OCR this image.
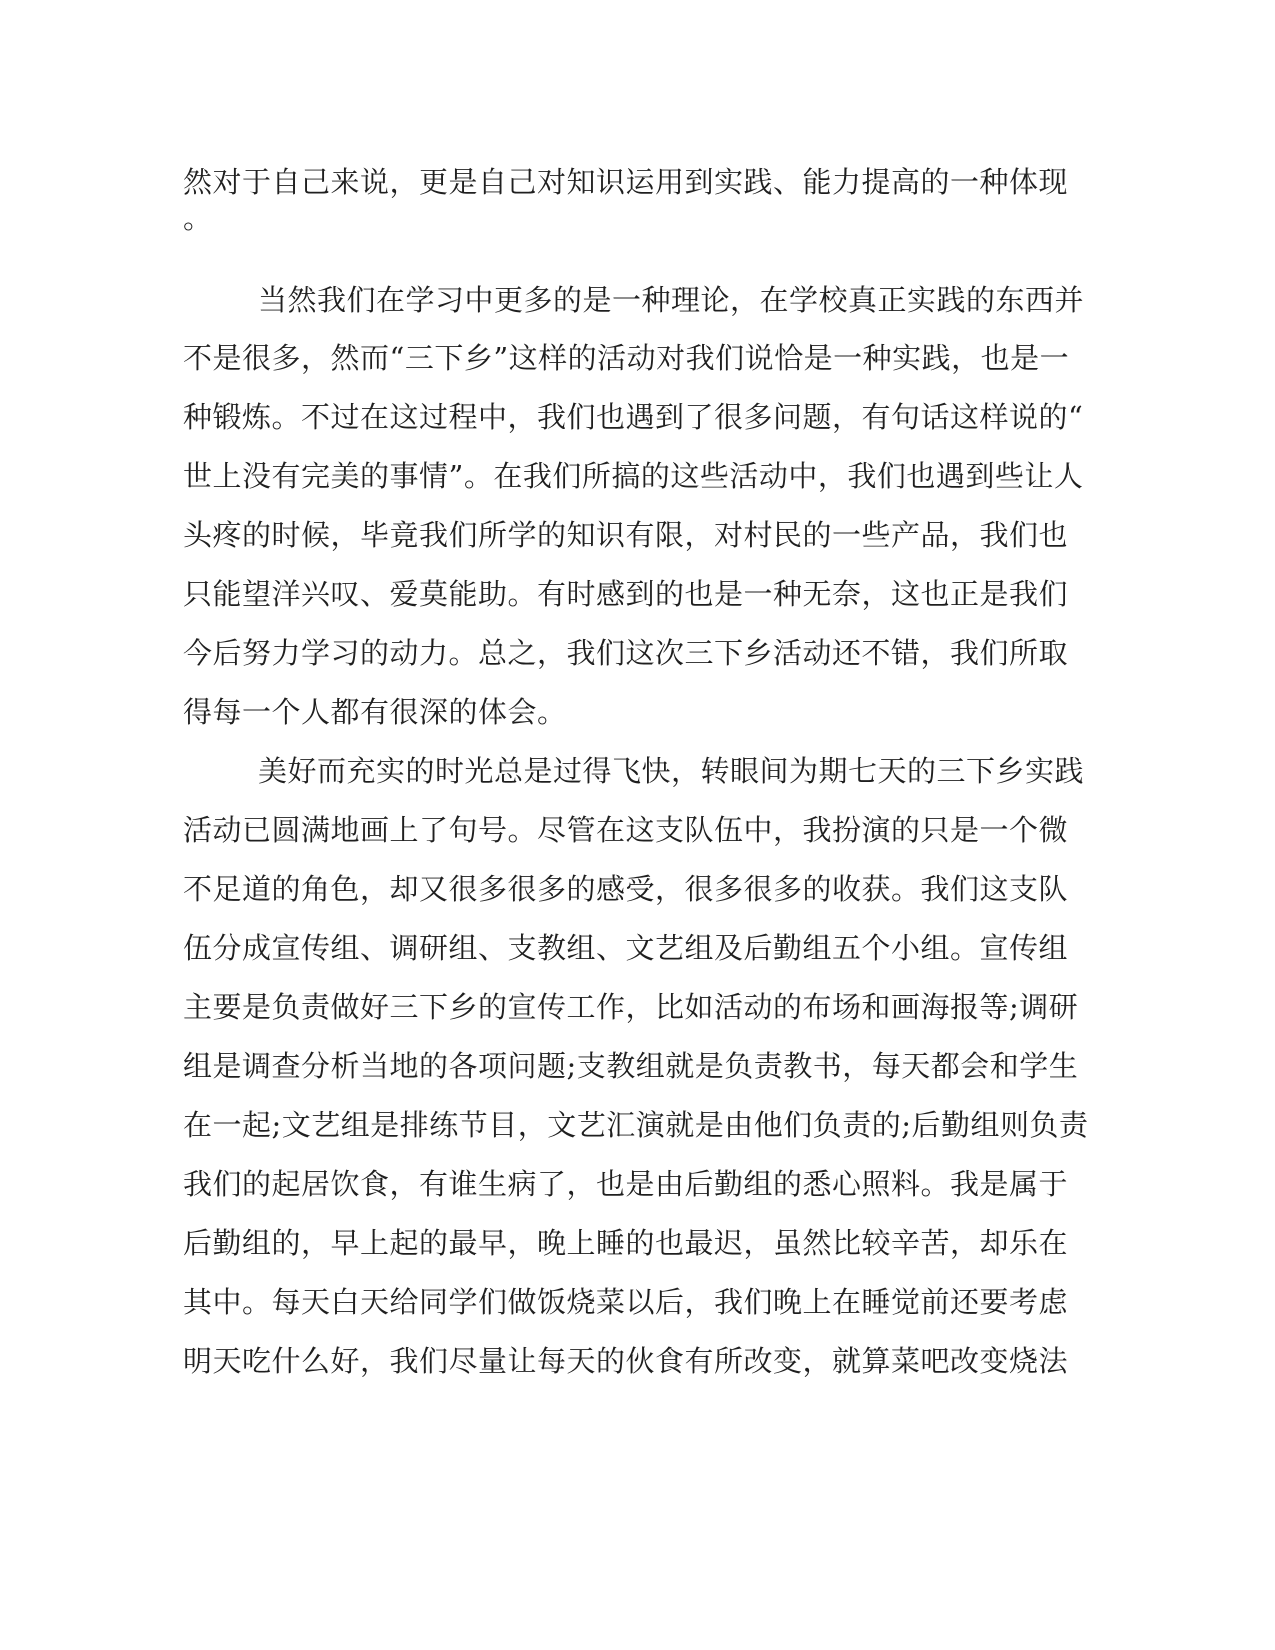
然对于自己来说，更是自己对知识运用到实践、能力提高的一种体现
。
当然我们在学习中更多的是一种理论，在学校真正实践的东西并
不是很多，然而“三下乡”这样的活动对我们说恰是一种实践，也是一
种锻炼。不过在这过程中，我们也遇到了很多问题，有句话这样说的“
世上没有完美的事情”。在我们所搞的这些活动中，我们也遇到些让人
头疼的时候，毕竟我们所学的知识有限，对村民的一些产品，我们也
只能望洋兴叹、爱莫能助。有时感到的也是一种无奈，这也正是我们
今后努力学习的动力。总之，我们这次三下乡活动还不错，我们所取
得每一个人都有很深的体会。
美好而充实的时光总是过得飞快，转眼间为期七天的三下乡实践
活动已圆满地画上了句号。尽管在这支队伍中，我扮演的只是一个微
不足道的角色，却又很多很多的感受，很多很多的收获。我们这支队
伍分成宣传组、调研组、支教组、文艺组及后勤组五个小组。宣传组
主要是负责做好三下乡的宣传工作，比如活动的布场和画海报等;调研
组是调查分析当地的各项问题;支教组就是负责教书，每天都会和学生
在一起;文艺组是排练节目，文艺汇演就是由他们负责的;后勤组则负责
我们的起居饮食，有谁生病了，也是由后勤组的悉心照料。我是属于
后勤组的，早上起的最早，晚上睡的也最迟，虽然比较辛苦，却乐在
其中。每天白天给同学们做饭烧菜以后，我们晚上在睡觉前还要考虑
明天吃什么好，我们尽量让每天的伙食有所改变，就算菜吧改变烧法
